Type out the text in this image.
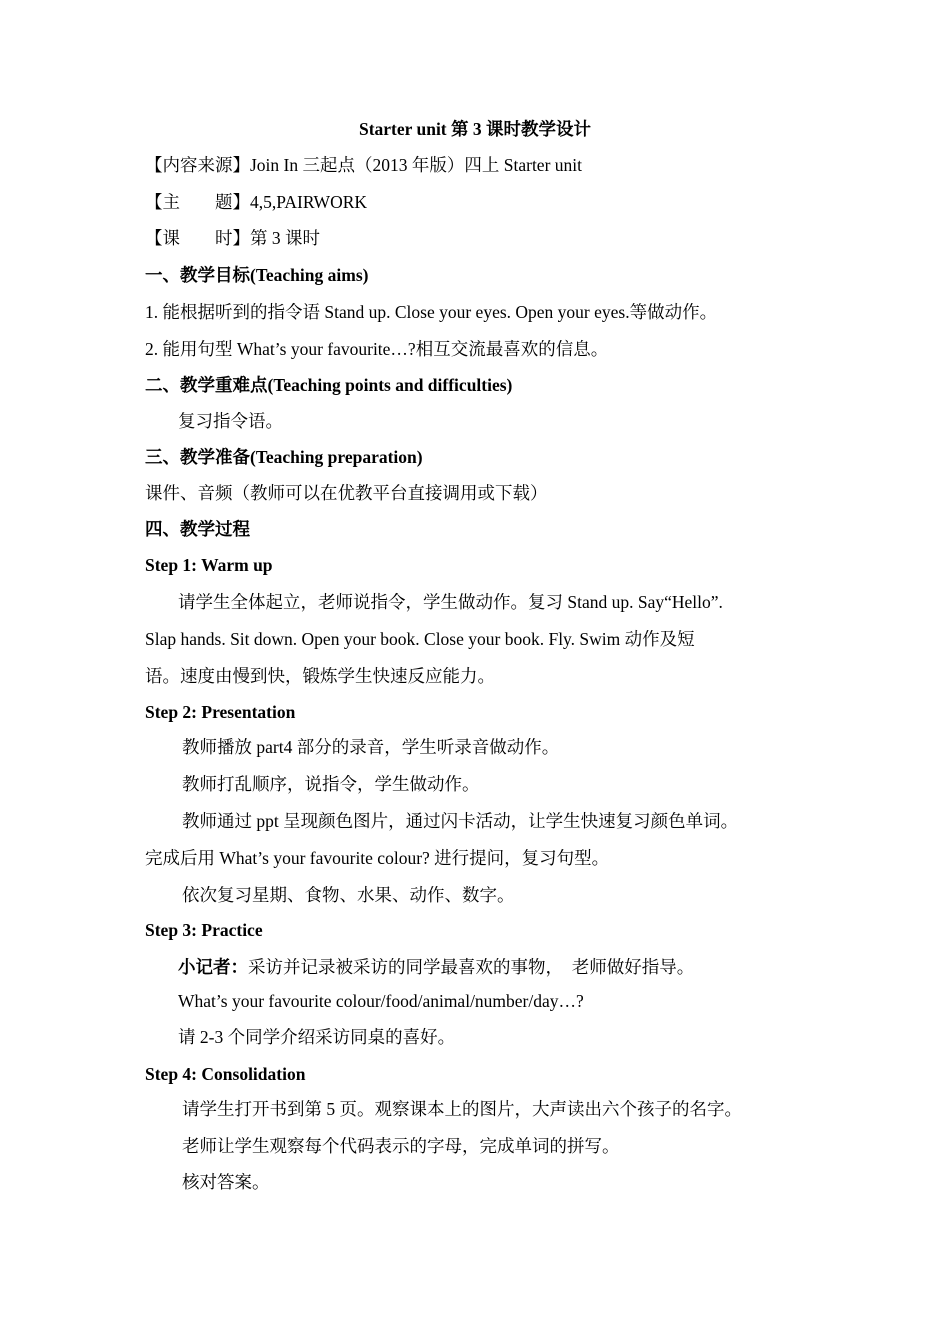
Starter unit 第 3 课时教学设计
【内容来源】Join In 三起点（2013 年版）四上 Starter unit
【主　　题】4,5,PAIRWORK
【课　　时】第 3 课时
一、教学目标(Teaching aims)
1. 能根据听到的指令语 Stand up. Close your eyes. Open your eyes.等做动作。
2. 能用句型 What’s your favourite…?相互交流最喜欢的信息。
二、教学重难点(Teaching points and difficulties)
复习指令语。
三、教学准备(Teaching preparation)
课件、音频（教师可以在优教平台直接调用或下载）
四、教学过程
Step 1: Warm up
请学生全体起立，老师说指令，学生做动作。复习 Stand up. Say“Hello”.
Slap hands. Sit down. Open your book. Close your book. Fly. Swim 动作及短
语。速度由慢到快，锻炼学生快速反应能力。
Step 2: Presentation
教师播放 part4 部分的录音，学生听录音做动作。
教师打乱顺序，说指令，学生做动作。
教师通过 ppt 呈现颜色图片，通过闪卡活动，让学生快速复习颜色单词。
完成后用 What’s your favourite colour? 进行提问，复习句型。
依次复习星期、食物、水果、动作、数字。
Step 3: Practice
小记者：采访并记录被采访的同学最喜欢的事物，　老师做好指导。
What’s your favourite colour/food/animal/number/day…?
请 2-3 个同学介绍采访同桌的喜好。
Step 4: Consolidation
请学生打开书到第 5 页。观察课本上的图片，大声读出六个孩子的名字。
老师让学生观察每个代码表示的字母，完成单词的拼写。
核对答案。
